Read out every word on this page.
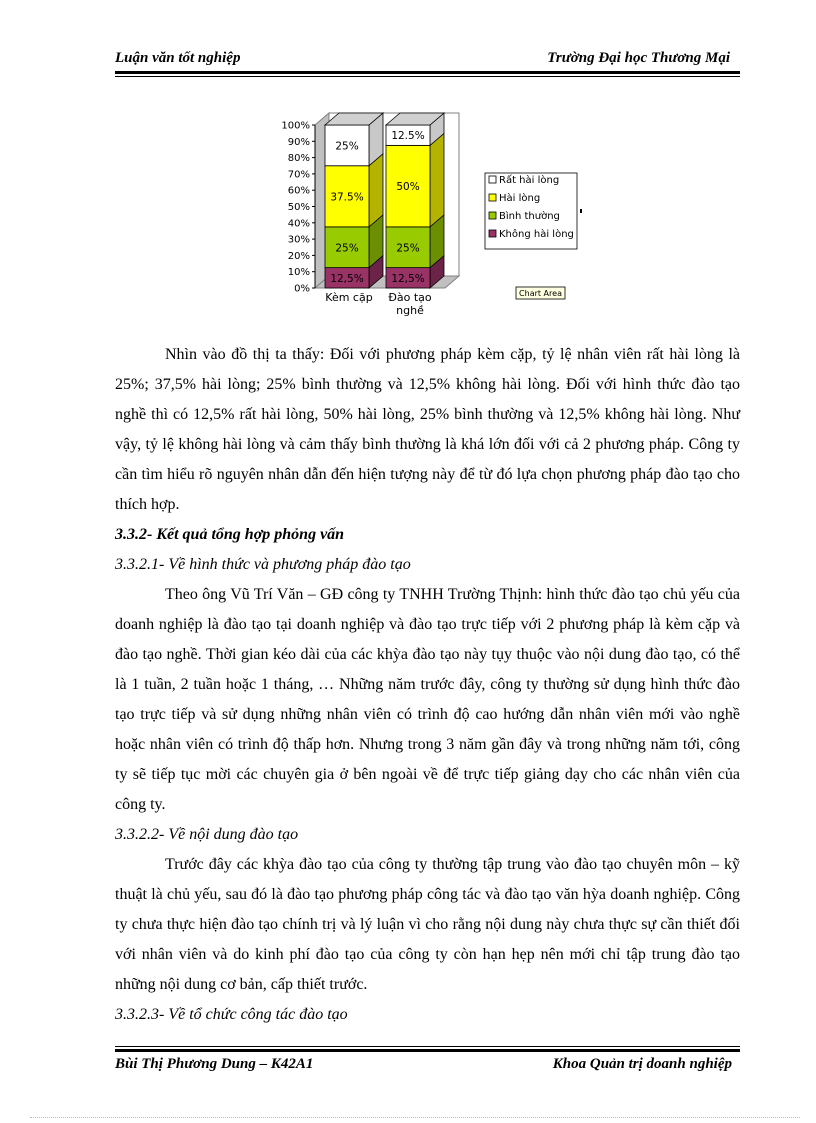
Luận văn tốt nghiệp	Trường Đại học Thương Mại
0%
10%
20%
30%
40%
50%
60%
70%
80%
90%
100%
12,5%
25%
37.5%
25%
Kèm cặp
12,5%
25%
50%
12.5%
Đào tạo
nghề
Rất hài lòng
Hài lòng
Bình thường
Không hài lòng
Chart Area

Nhìn vào đồ thị ta thấy: Đối với phương pháp kèm cặp, tỷ lệ nhân viên rất hài lòng là 25%; 37,5% hài lòng; 25% bình thường và 12,5% không hài lòng. Đối với hình thức đào tạo nghề thì có 12,5% rất hài lòng, 50% hài lòng, 25% bình thường và 12,5% không hài lòng. Như vậy, tỷ lệ không hài lòng và cảm thấy bình thường là khá lớn đối với cả 2 phương pháp. Công ty cần tìm hiểu rõ nguyên nhân dẫn đến hiện tượng này để từ đó lựa chọn phương pháp đào tạo cho thích hợp.

3.3.2- Kết quả tổng hợp phỏng vấn

3.3.2.1- Về hình thức và phương pháp đào tạo

Theo ông Vũ Trí Văn – GĐ công ty TNHH Trường Thịnh: hình thức đào tạo chủ yếu của doanh nghiệp là đào tạo tại doanh nghiệp và đào tạo trực tiếp với 2 phương pháp là kèm cặp và đào tạo nghề. Thời gian kéo dài của các khỳa đào tạo này tụy thuộc vào nội dung đào tạo, có thể là 1 tuần, 2 tuần hoặc 1 tháng, … Những năm trước đây, công ty thường sử dụng hình thức đào tạo trực tiếp và sử dụng những nhân viên có trình độ cao hướng dẫn nhân viên mới vào nghề hoặc nhân viên có trình độ thấp hơn. Nhưng trong 3 năm gần đây và trong những năm tới, công ty sẽ tiếp tục mời các chuyên gia ở bên ngoài về để trực tiếp giảng dạy cho các nhân viên của công ty.

3.3.2.2- Về nội dung đào tạo

Trước đây các khỳa đào tạo của công ty thường tập trung vào đào tạo chuyên môn – kỹ thuật là chủ yếu, sau đó là đào tạo phương pháp công tác và đào tạo văn hỳa doanh nghiệp. Công ty chưa thực hiện đào tạo chính trị và lý luận vì cho rằng nội dung này chưa thực sự cần thiết đối với nhân viên và do kinh phí đào tạo của công ty còn hạn hẹp nên mới chỉ tập trung đào tạo những nội dung cơ bản, cấp thiết trước.

3.3.2.3- Về tổ chức công tác đào tạo

Bùi Thị Phương Dung – K42A1	Khoa Quản trị doanh nghiệp
